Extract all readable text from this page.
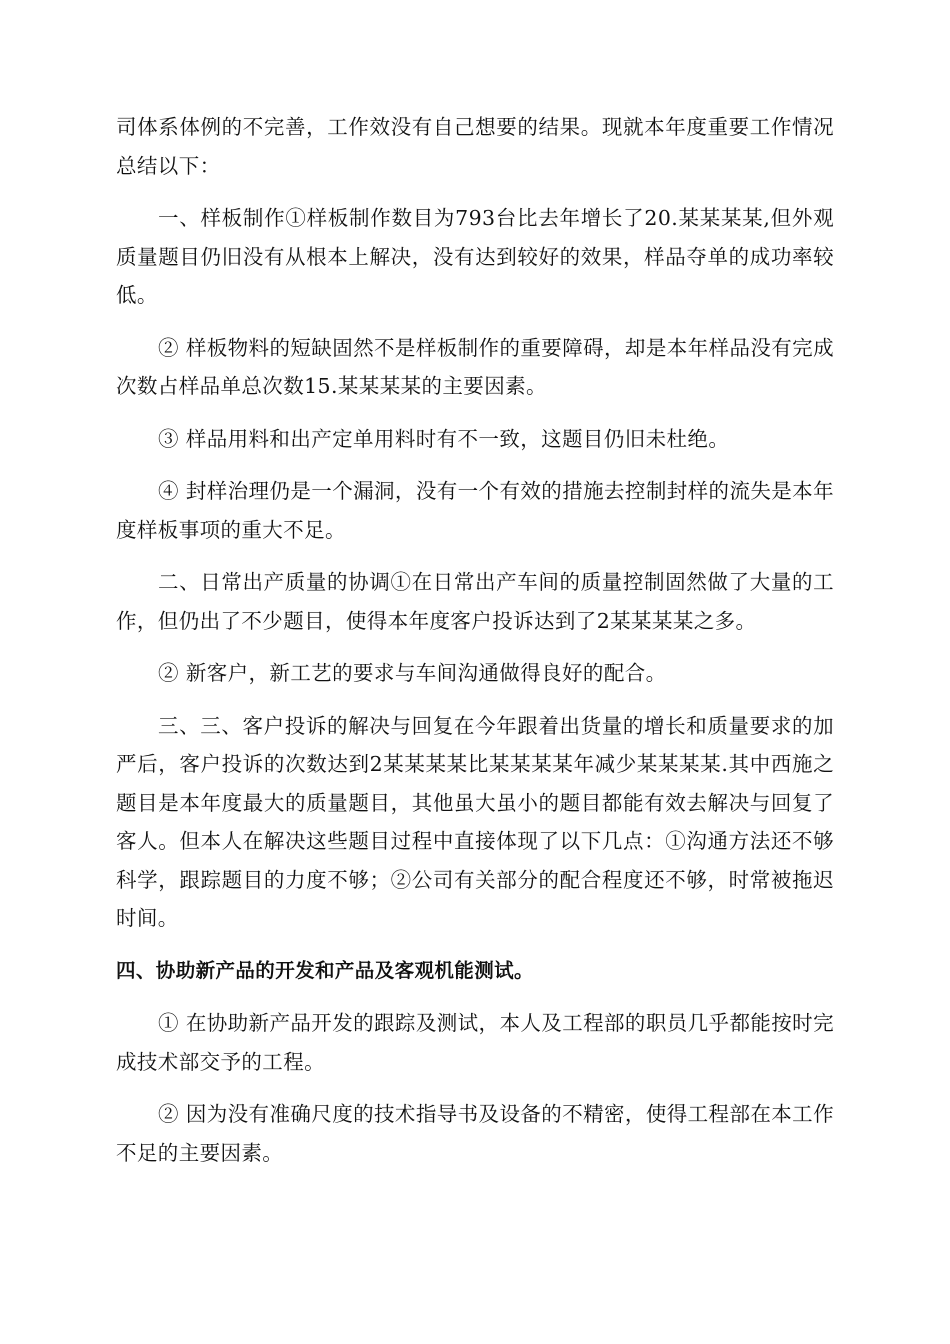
司体系体例的不完善，工作效没有自己想要的结果。现就本年度重要工作情况总结以下：

一、样板制作①样板制作数目为793台比去年增长了20.某某某某,但外观质量题目仍旧没有从根本上解决，没有达到较好的效果，样品夺单的成功率较低。

② 样板物料的短缺固然不是样板制作的重要障碍，却是本年样品没有完成次数占样品单总次数15.某某某某的主要因素。

③ 样品用料和出产定单用料时有不一致，这题目仍旧未杜绝。

④ 封样治理仍是一个漏洞，没有一个有效的措施去控制封样的流失是本年度样板事项的重大不足。

二、日常出产质量的协调①在日常出产车间的质量控制固然做了大量的工作，但仍出了不少题目，使得本年度客户投诉达到了2某某某某之多。

② 新客户，新工艺的要求与车间沟通做得良好的配合。

三、三、客户投诉的解决与回复在今年跟着出货量的增长和质量要求的加严后，客户投诉的次数达到2某某某某比某某某某年减少某某某某.其中西施之题目是本年度最大的质量题目，其他虽大虽小的题目都能有效去解决与回复了客人。但本人在解决这些题目过程中直接体现了以下几点：①沟通方法还不够科学，跟踪题目的力度不够；②公司有关部分的配合程度还不够，时常被拖迟时间。

四、协助新产品的开发和产品及客观机能测试。

① 在协助新产品开发的跟踪及测试，本人及工程部的职员几乎都能按时完成技术部交予的工程。

② 因为没有准确尺度的技术指导书及设备的不精密，使得工程部在本工作不足的主要因素。
